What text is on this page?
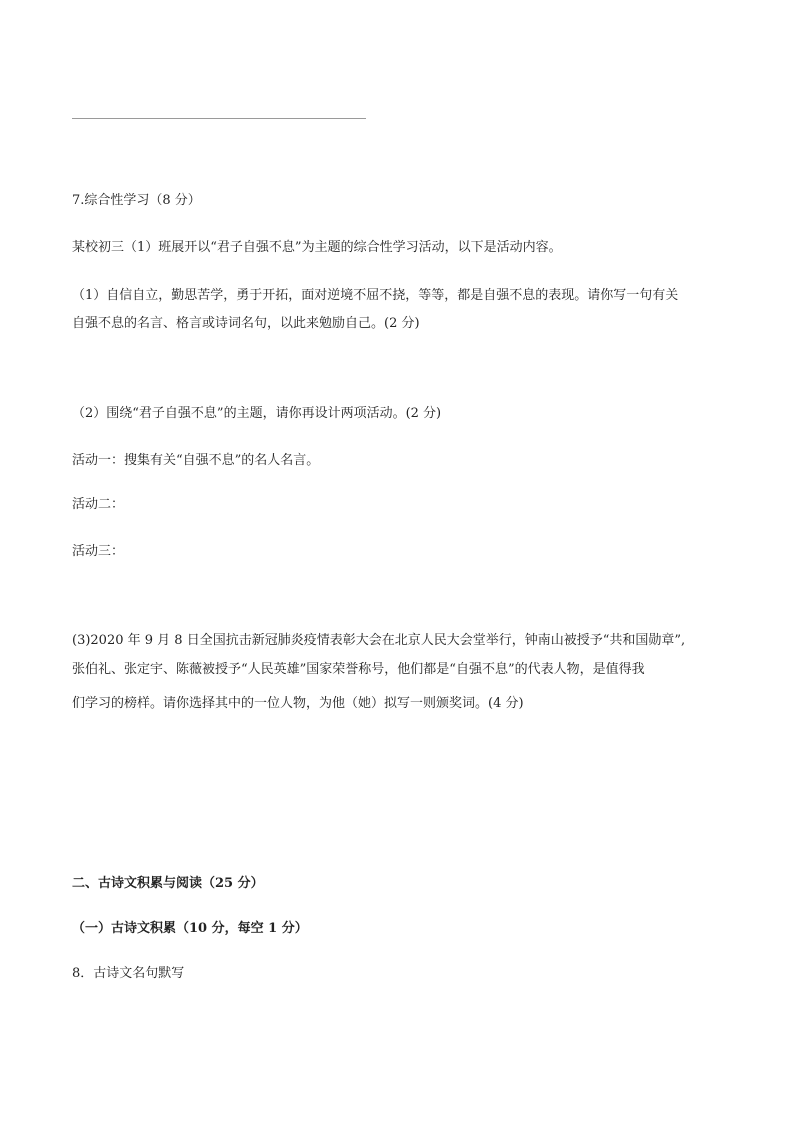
7.综合性学习（8 分）
某校初三（1）班展开以“君子自强不息”为主题的综合性学习活动，以下是活动内容。
（1）自信自立，勤思苦学，勇于开拓，面对逆境不屈不挠，等等，都是自强不息的表现。请你写一句有关
自强不息的名言、格言或诗词名句，以此来勉励自己。(2 分)
（2）围绕“君子自强不息”的主题，请你再设计两项活动。(2 分)
活动一：搜集有关“自强不息”的名人名言。
活动二：
活动三：
(3)2020 年 9 月 8 日全国抗击新冠肺炎疫情表彰大会在北京人民大会堂举行，钟南山被授予“共和国勋章”,
张伯礼、张定宇、陈薇被授予“人民英雄”国家荣誉称号，他们都是“自强不息”的代表人物，是值得我
们学习的榜样。请你选择其中的一位人物，为他（她）拟写一则颁奖词。(4 分)
二、古诗文积累与阅读（25 分）
（一）古诗文积累（10 分，每空 1 分）
8．古诗文名句默写
